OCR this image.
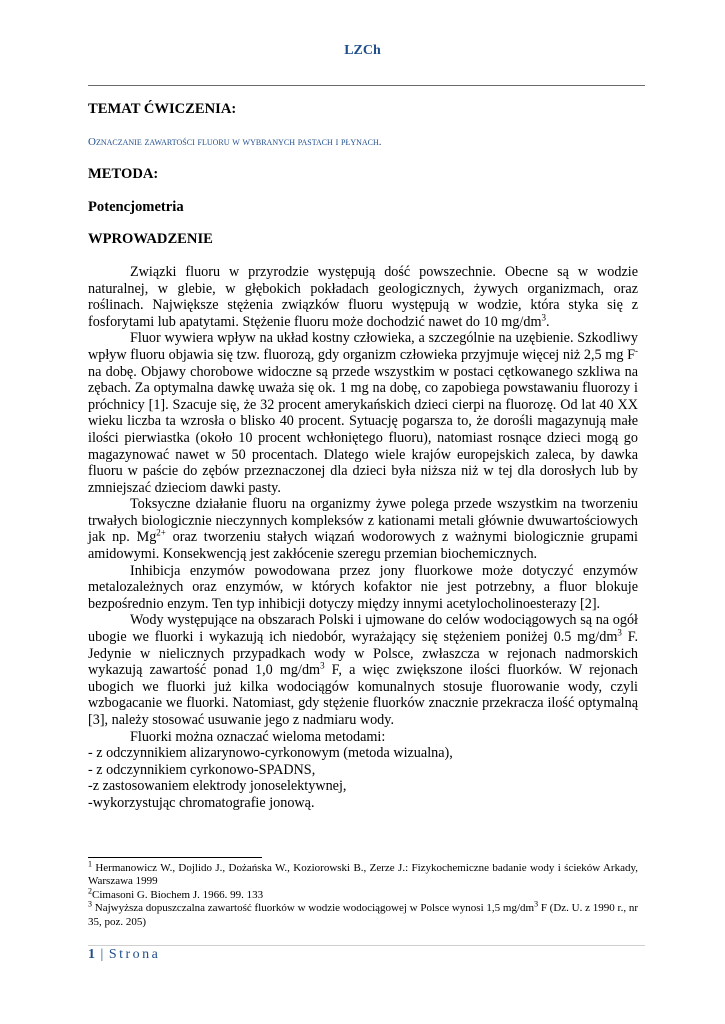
LZCh

TEMAT ĆWICZENIA:

Oznaczanie zawartości fluoru w wybranych pastach i płynach.

METODA:

Potencjometria

WPROWADZENIE

Związki fluoru w przyrodzie występują dość powszechnie. Obecne są w wodzie naturalnej, w glebie, w głębokich pokładach geologicznych, żywych organizmach, oraz roślinach. Największe stężenia związków fluoru występują w wodzie, która styka się z fosforytami lub apatytami. Stężenie fluoru może dochodzić nawet do 10 $mg/dm^3$.

Fluor wywiera wpływ na układ kostny człowieka, a szczególnie na uzębienie. Szkodliwy wpływ fluoru objawia się tzw. fluorozą, gdy organizm człowieka przyjmuje więcej niż 2,5 mg F- na dobę. Objawy chorobowe widoczne są przede wszystkim w postaci cętkowanego szkliwa na zębach. Za optymalna dawkę uważa się ok. 1 mg na dobę, co zapobiega powstawaniu fluorozy i próchnicy [1]. Szacuje się, że 32 procent amerykańskich dzieci cierpi na fluorozę. Od lat 40 XX wieku liczba ta wzrosła o blisko 40 procent. Sytuację pogarsza to, że dorośli magazynują małe ilości pierwiastka (około 10 procent wchłoniętego fluoru), natomiast rosnące dzieci mogą go magazynować nawet w 50 procentach. Dlatego wiele krajów europejskich zaleca, by dawka fluoru w paście do zębów przeznaczonej dla dzieci była niższa niż w tej dla dorosłych lub by zmniejszać dzieciom dawki pasty.

Toksyczne działanie fluoru na organizmy żywe polega przede wszystkim na tworzeniu trwałych biologicznie nieczynnych kompleksów z kationami metali głównie dwuwartościowych jak np. $Mg^{2+}$ oraz tworzeniu stałych wiązań wodorowych z ważnymi biologicznie grupami amidowymi. Konsekwencją jest zakłócenie szeregu przemian biochemicznych.

Inhibicja enzymów powodowana przez jony fluorkowe może dotyczyć enzymów metalozależnych oraz enzymów, w których kofaktor nie jest potrzebny, a fluor blokuje bezpośrednio enzym. Ten typ inhibicji dotyczy między innymi acetylocholinoesterazy [2].

Wody występujące na obszarach Polski i ujmowane do celów wodociągowych są na ogół ubogie we fluorki i wykazują ich niedobór, wyrażający się stężeniem poniżej 0.5 $mg/dm^3$ F. Jedynie w nielicznych przypadkach wody w Polsce, zwłaszcza w rejonach nadmorskich wykazują zawartość ponad 1,0 $mg/dm^3$ F, a więc zwiększone ilości fluorków. W rejonach ubogich we fluorki już kilka wodociągów komunalnych stosuje fluorowanie wody, czyli wzbogacanie we fluorki. Natomiast, gdy stężenie fluorków znacznie przekracza ilość optymalną [3], należy stosować usuwanie jego z nadmiaru wody.

Fluorki można oznaczać wieloma metodami:

- z odczynnikiem alizarynowo-cyrkonowym (metoda wizualna),

- z odczynnikiem cyrkonowo-SPADNS,

-z zastosowaniem elektrody jonoselektywnej,

-wykorzystując chromatografie jonową.

$^1$ Hermanowicz W., Dojlido J., Dożańska W., Koziorowski B., Zerze J.: Fizykochemiczne badanie wody i ścieków Arkady, Warszawa 1999

$^2$Cimasoni G. Biochem J. 1966. 99. 133

$^3$ Najwyższa dopuszczalna zawartość fluorków w wodzie wodociągowej w Polsce wynosi 1,5 $mg/dm^3$ F (Dz. U. z 1990 r., nr 35, poz. 205)

1 | Strona
